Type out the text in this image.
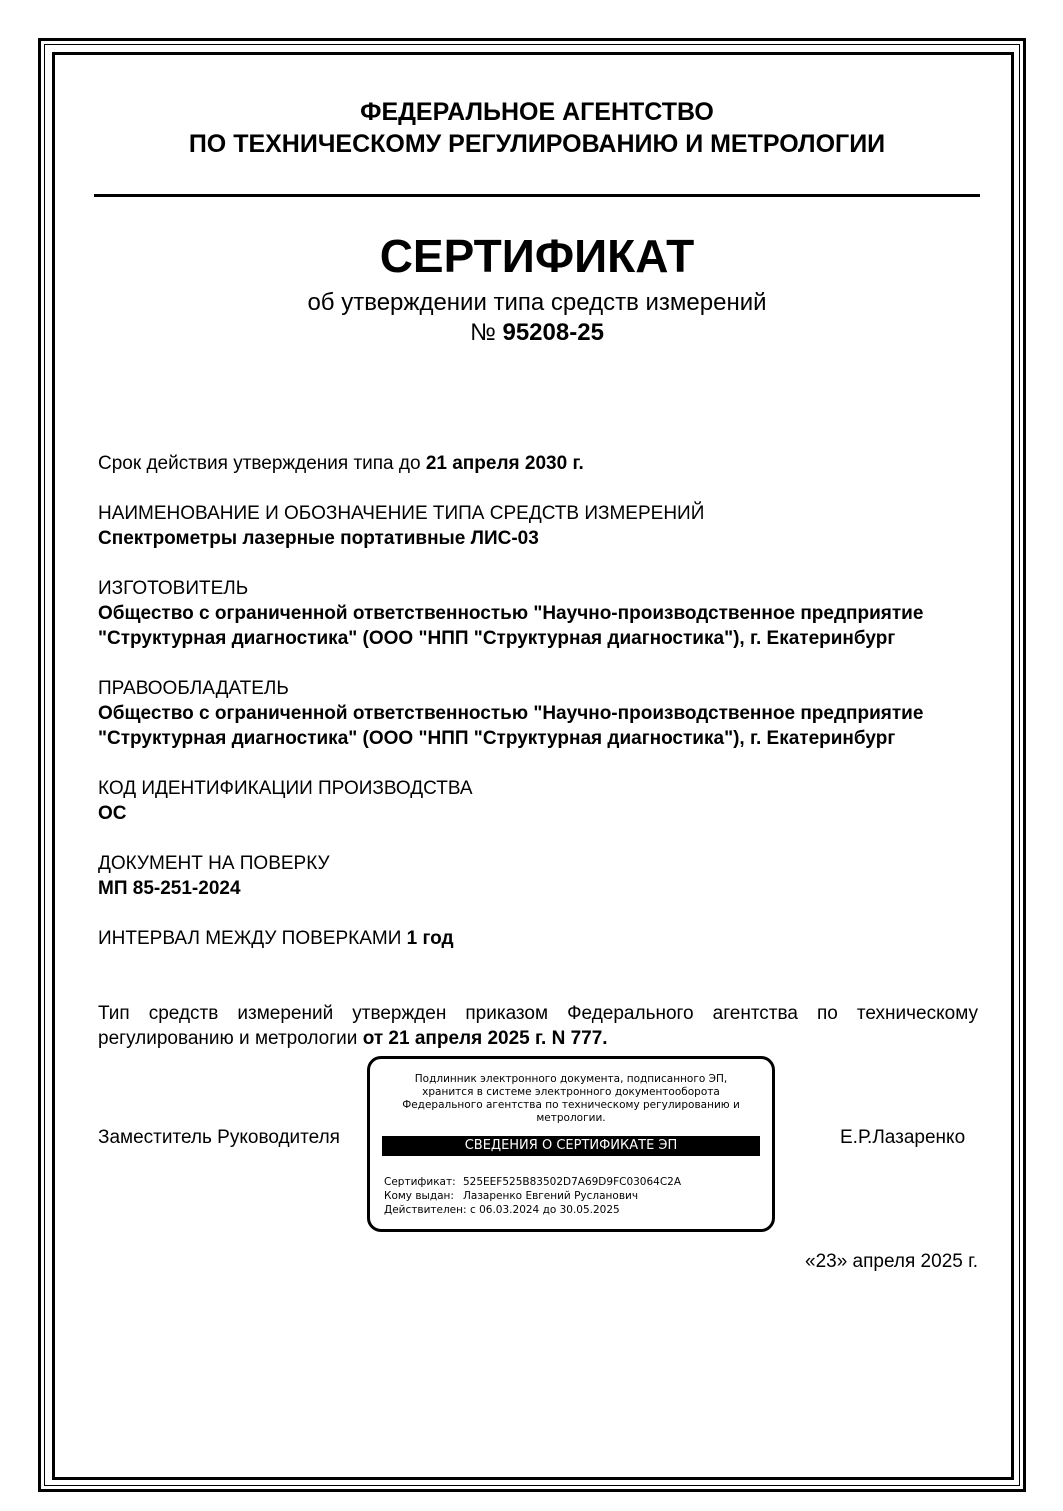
ФЕДЕРАЛЬНОЕ АГЕНТСТВО
ПО ТЕХНИЧЕСКОМУ РЕГУЛИРОВАНИЮ И МЕТРОЛОГИИ
СЕРТИФИКАТ
об утверждении типа средств измерений
№ 95208-25
Срок действия утверждения типа до 21 апреля 2030 г.
НАИМЕНОВАНИЕ И ОБОЗНАЧЕНИЕ ТИПА СРЕДСТВ ИЗМЕРЕНИЙ
Спектрометры лазерные портативные ЛИС-03
ИЗГОТОВИТЕЛЬ
Общество с ограниченной ответственностью "Научно-производственное предприятие
"Структурная диагностика" (ООО "НПП "Структурная диагностика"), г. Екатеринбург
ПРАВООБЛАДАТЕЛЬ
Общество с ограниченной ответственностью "Научно-производственное предприятие
"Структурная диагностика" (ООО "НПП "Структурная диагностика"), г. Екатеринбург
КОД ИДЕНТИФИКАЦИИ ПРОИЗВОДСТВА
ОС
ДОКУМЕНТ НА ПОВЕРКУ
МП 85-251-2024
ИНТЕРВАЛ МЕЖДУ ПОВЕРКАМИ 1 год
Тип средств измерений утвержден приказом Федерального агентства по техническому регулированию и метрологии от 21 апреля 2025 г. N 777.
Заместитель Руководителя
Подлинник электронного документа, подписанного ЭП,
хранится в системе электронного документооборота
Федерального агентства по техническому регулированию и
метрологии.
СВЕДЕНИЯ О СЕРТИФИКАТЕ ЭП
Сертификат: 525EEF525B83502D7A69D9FC03064C2A
Кому выдан: Лазаренко Евгений Русланович
Действителен: с 06.03.2024 до 30.05.2025
Е.Р.Лазаренко
«23» апреля 2025 г.
